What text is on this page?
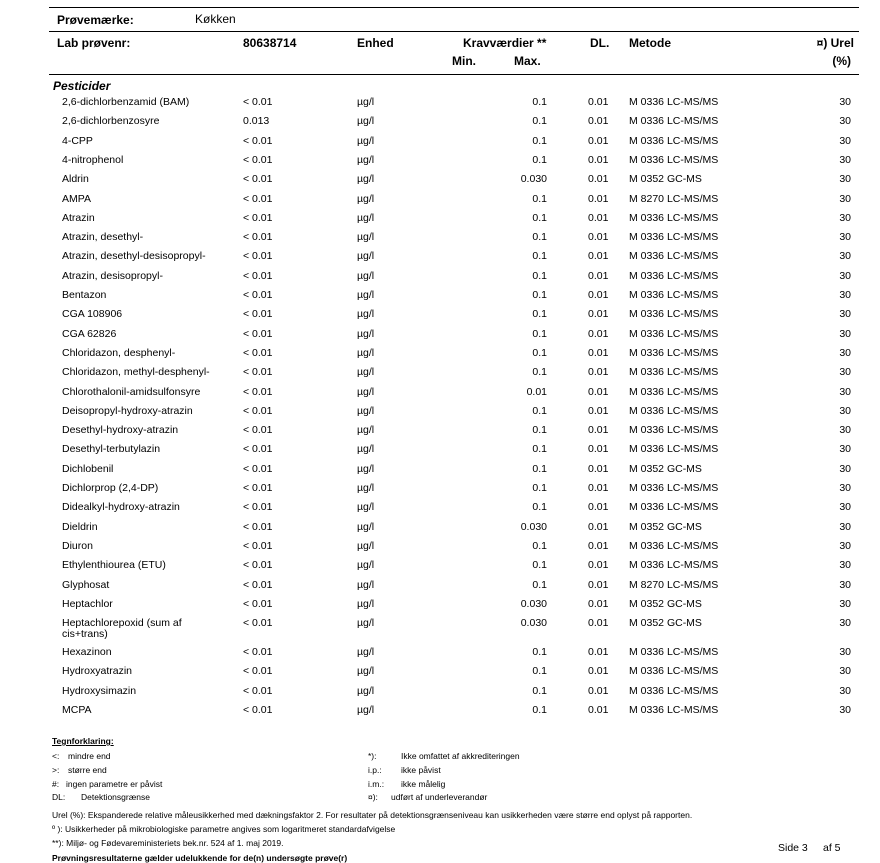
Prøvemærke:	Køkken
Lab prøvenr:	80638714	Enhed	Kravværdier **
Min.	Max.
DL. Metode	¤) Urel
(%)
Pesticider
2,6-dichlorbenzamid (BAM)	< 0.01	µg/l	0.1	0.01 M 0336 LC-MS/MS	30
2,6-dichlorbenzosyre	0.013	µg/l	0.1	0.01 M 0336 LC-MS/MS	30
4-CPP	< 0.01	µg/l	0.1	0.01 M 0336 LC-MS/MS	30
4-nitrophenol	< 0.01	µg/l	0.1	0.01 M 0336 LC-MS/MS	30
Aldrin	< 0.01	µg/l	0.030	0.01 M 0352 GC-MS	30
AMPA	< 0.01	µg/l	0.1	0.01 M 8270 LC-MS/MS	30
Atrazin	< 0.01	µg/l	0.1	0.01 M 0336 LC-MS/MS	30
Atrazin, desethyl-	< 0.01	µg/l	0.1	0.01 M 0336 LC-MS/MS	30
Atrazin, desethyl-desisopropyl-	< 0.01	µg/l	0.1	0.01 M 0336 LC-MS/MS	30
Atrazin, desisopropyl-	< 0.01	µg/l	0.1	0.01 M 0336 LC-MS/MS	30
Bentazon	< 0.01	µg/l	0.1	0.01 M 0336 LC-MS/MS	30
CGA 108906	< 0.01	µg/l	0.1	0.01 M 0336 LC-MS/MS	30
CGA 62826	< 0.01	µg/l	0.1	0.01 M 0336 LC-MS/MS	30
Chloridazon, desphenyl-	< 0.01	µg/l	0.1	0.01 M 0336 LC-MS/MS	30
Chloridazon, methyl-desphenyl-	< 0.01	µg/l	0.1	0.01 M 0336 LC-MS/MS	30
Chlorothalonil-amidsulfonsyre	< 0.01	µg/l	0.01	0.01 M 0336 LC-MS/MS	30
Deisopropyl-hydroxy-atrazin	< 0.01	µg/l	0.1	0.01 M 0336 LC-MS/MS	30
Desethyl-hydroxy-atrazin	< 0.01	µg/l	0.1	0.01 M 0336 LC-MS/MS	30
Desethyl-terbutylazin	< 0.01	µg/l	0.1	0.01 M 0336 LC-MS/MS	30
Dichlobenil	< 0.01	µg/l	0.1	0.01 M 0352 GC-MS	30
Dichlorprop (2,4-DP)	< 0.01	µg/l	0.1	0.01 M 0336 LC-MS/MS	30
Didealkyl-hydroxy-atrazin	< 0.01	µg/l	0.1	0.01 M 0336 LC-MS/MS	30
Dieldrin	< 0.01	µg/l	0.030	0.01 M 0352 GC-MS	30
Diuron	< 0.01	µg/l	0.1	0.01 M 0336 LC-MS/MS	30
Ethylenthiourea (ETU)	< 0.01	µg/l	0.1	0.01 M 0336 LC-MS/MS	30
Glyphosat	< 0.01	µg/l	0.1	0.01 M 8270 LC-MS/MS	30
Heptachlor	< 0.01	µg/l	0.030	0.01 M 0352 GC-MS	30
Heptachlorepoxid (sum af	< 0.01	µg/l	0.030	0.01 M 0352 GC-MS	30
cis+trans)
Hexazinon	< 0.01	µg/l	0.1	0.01 M 0336 LC-MS/MS	30
Hydroxyatrazin	< 0.01	µg/l	0.1	0.01 M 0336 LC-MS/MS	30
Hydroxysimazin	< 0.01	µg/l	0.1	0.01 M 0336 LC-MS/MS	30
MCPA	< 0.01	µg/l	0.1	0.01 M 0336 LC-MS/MS	30
Tegnforklaring:
<: mindre end
>: større end
#: ingen parametre er påvist
DL: Detektionsgrænse
*):	Ikke omfattet af akkrediteringen
i.p.: ikke påvist
i.m.: ikke målelig
¤): udført af underleverandør
Urel (%): Ekspanderede relative måleusikkerhed med dækningsfaktor 2. For resultater på detektionsgrænseniveau kan usikkerheden være større end oplyst på rapporten.
º ): Usikkerheder på mikrobiologiske parametre angives som logaritmeret standardafvigelse
**): Miljø- og Fødevareministeriets bek.nr. 524 af 1. maj 2019.
Prøvningsresultaterne gælder udelukkende for de(n) undersøgte prøve(r)
Side 3 af 5
